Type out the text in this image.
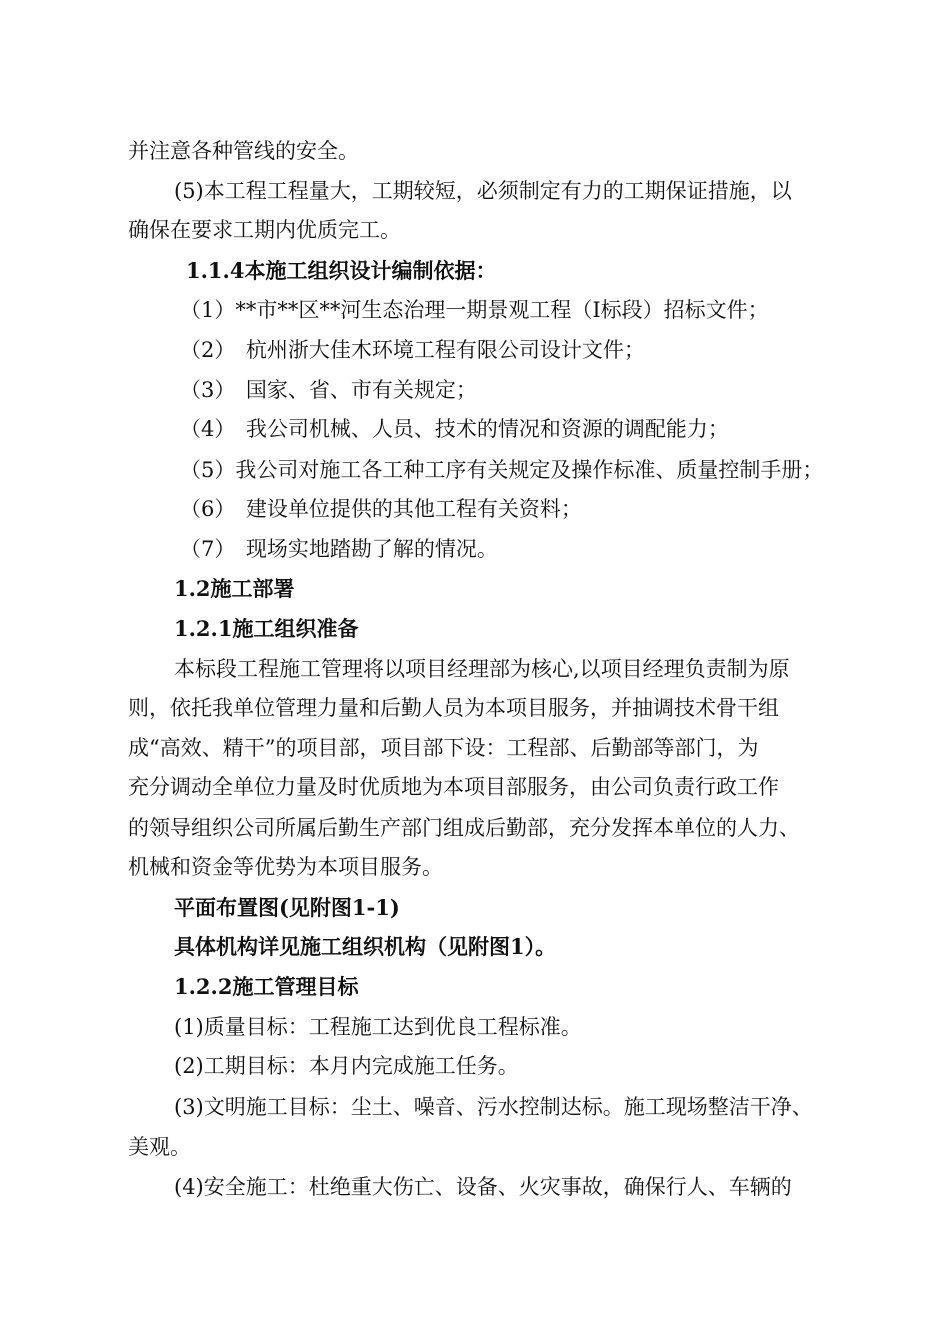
并注意各种管线的安全。
(5)本工程工程量大，工期较短，必须制定有力的工期保证措施，以
确保在要求工期内优质完工。
1.1.4本施工组织设计编制依据：
（1）**市**区**河生态治理一期景观工程（Ⅰ标段）招标文件；
（2）　杭州浙大佳木环境工程有限公司设计文件；
（3）　国家、省、市有关规定；
（4）　我公司机械、人员、技术的情况和资源的调配能力；
（5）我公司对施工各工种工序有关规定及操作标准、质量控制手册；
（6）　建设单位提供的其他工程有关资料；
（7）　现场实地踏勘了解的情况。
1.2施工部署
1.2.1施工组织准备
本标段工程施工管理将以项目经理部为核心,以项目经理负责制为原
则，依托我单位管理力量和后勤人员为本项目服务，并抽调技术骨干组
成“高效、精干”的项目部，项目部下设：工程部、后勤部等部门，为
充分调动全单位力量及时优质地为本项目部服务，由公司负责行政工作
的领导组织公司所属后勤生产部门组成后勤部，充分发挥本单位的人力、
机械和资金等优势为本项目服务。
平面布置图(见附图1-1)
具体机构详见施工组织机构（见附图1）。
1.2.2施工管理目标
(1)质量目标：工程施工达到优良工程标准。
(2)工期目标：本月内完成施工任务。
(3)文明施工目标：尘土、噪音、污水控制达标。施工现场整洁干净、
美观。
(4)安全施工：杜绝重大伤亡、设备、火灾事故，确保行人、车辆的
